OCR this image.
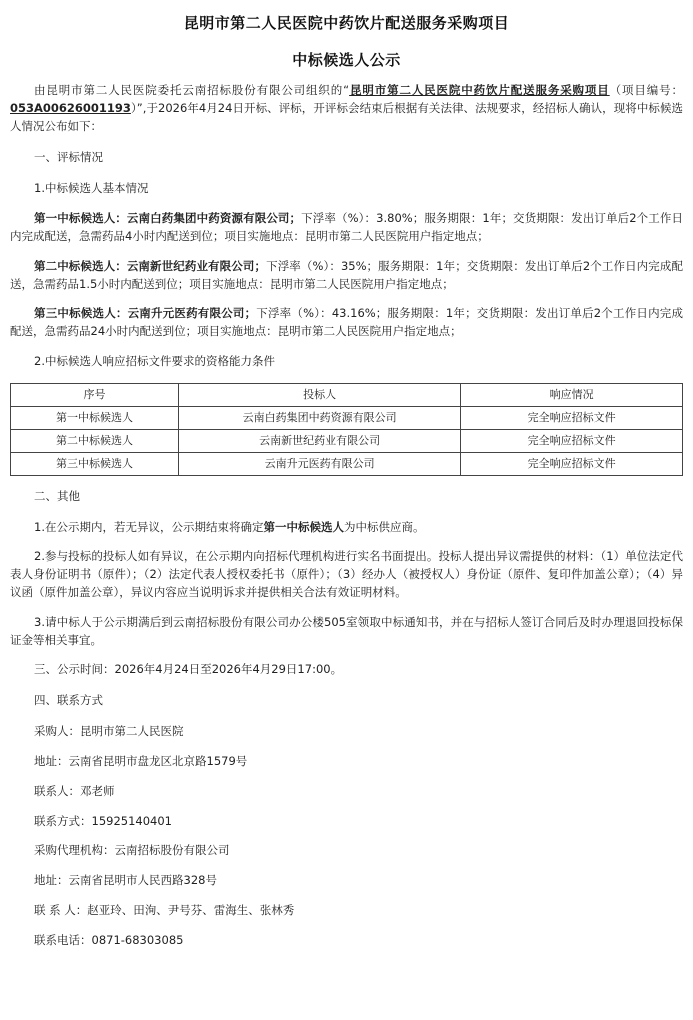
昆明市第二人民医院中药饮片配送服务采购项目
中标候选人公示

由昆明市第二人民医院委托云南招标股份有限公司组织的“昆明市第二人民医院中药饮片配送服务采购项目（项目编号：053A00626001193）”,于2026年4月24日开标、评标，开评标会结束后根据有关法律、法规要求，经招标人确认，现将中标候选人情况公布如下：

一、评标情况

1.中标候选人基本情况

第一中标候选人：云南白药集团中药资源有限公司；下浮率（%）：3.80%；服务期限：1年；交货期限：发出订单后2个工作日内完成配送，急需药品4小时内配送到位；项目实施地点：昆明市第二人民医院用户指定地点；

第二中标候选人：云南新世纪药业有限公司；下浮率（%）：35%；服务期限：1年；交货期限：发出订单后2个工作日内完成配送，急需药品1.5小时内配送到位；项目实施地点：昆明市第二人民医院用户指定地点；

第三中标候选人：云南升元医药有限公司；下浮率（%）：43.16%；服务期限：1年；交货期限：发出订单后2个工作日内完成配送，急需药品24小时内配送到位；项目实施地点：昆明市第二人民医院用户指定地点；

2.中标候选人响应招标文件要求的资格能力条件

序号	投标人	响应情况
第一中标候选人	云南白药集团中药资源有限公司	完全响应招标文件
第二中标候选人	云南新世纪药业有限公司	完全响应招标文件
第三中标候选人	云南升元医药有限公司	完全响应招标文件

二、其他

1.在公示期内，若无异议，公示期结束将确定第一中标候选人为中标供应商。

2.参与投标的投标人如有异议，在公示期内向招标代理机构进行实名书面提出。投标人提出异议需提供的材料：（1）单位法定代表人身份证明书（原件）；（2）法定代表人授权委托书（原件）；（3）经办人（被授权人）身份证（原件、复印件加盖公章）；（4）异议函（原件加盖公章），异议内容应当说明诉求并提供相关合法有效证明材料。

3.请中标人于公示期满后到云南招标股份有限公司办公楼505室领取中标通知书，并在与招标人签订合同后及时办理退回投标保证金等相关事宜。

三、公示时间：2026年4月24日至2026年4月29日17:00。

四、联系方式

采购人：昆明市第二人民医院

地址：云南省昆明市盘龙区北京路1579号

联系人：邓老师

联系方式：15925140401

采购代理机构：云南招标股份有限公司

地址：云南省昆明市人民西路328号

联 系 人：赵亚玲、田洵、尹号芬、雷海生、张林秀

联系电话：0871-68303085
